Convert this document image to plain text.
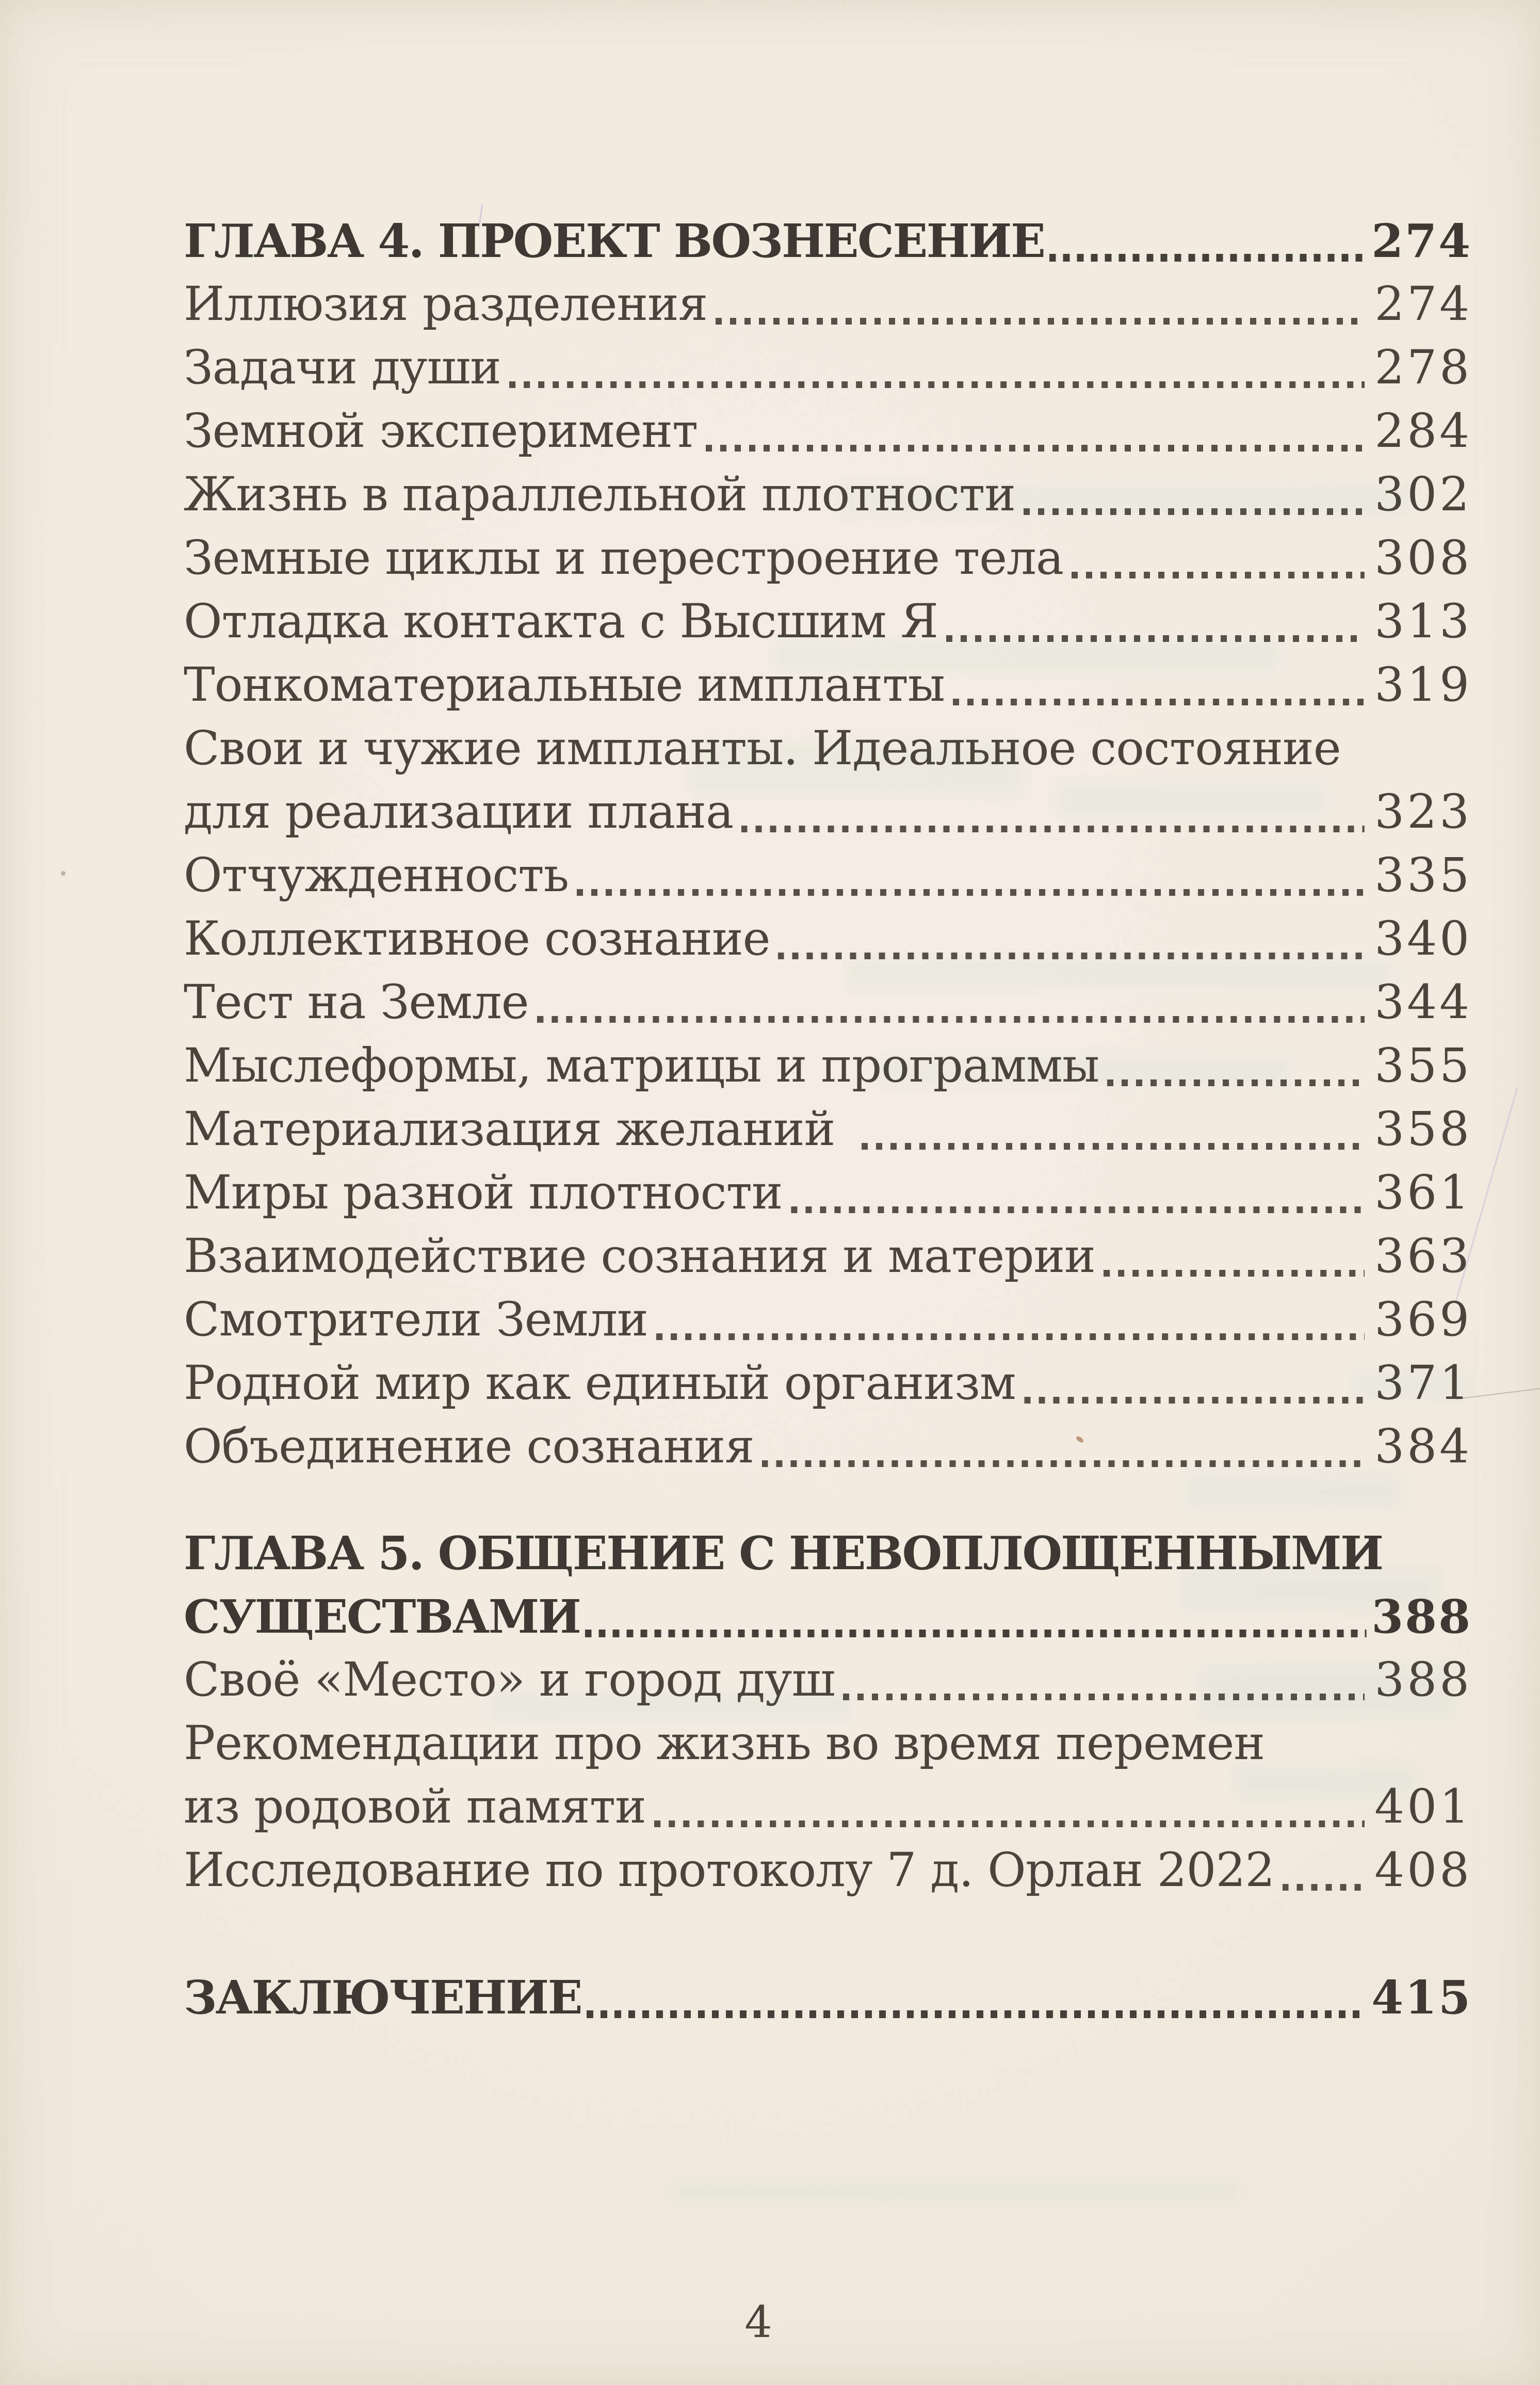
ГЛАВА 4. ПРОЕКТ ВОЗНЕСЕНИЕ	274
Иллюзия разделения	274
Задачи души	278
Земной эксперимент	284
Жизнь в параллельной плотности	302
Земные циклы и перестроение тела	308
Отладка контакта с Высшим Я	313
Тонкоматериальные импланты	319
Свои и чужие импланты. Идеальное состояние
для реализации плана	323
Отчужденность	335
Коллективное сознание	340
Тест на Земле	344
Мыслеформы, матрицы и программы	355
Материализация желаний	358
Миры разной плотности	361
Взаимодействие сознания и материи	363
Смотрители Земли	369
Родной мир как единый организм	371
Объединение сознания	384
ГЛАВА 5. ОБЩЕНИЕ С НЕВОПЛОЩЕННЫМИ
СУЩЕСТВАМИ	388
Своё «Место» и город душ	388
Рекомендации про жизнь во время перемен
из родовой памяти	401
Исследование по протоколу 7 д. Орлан 2022 408
ЗАКЛЮЧЕНИЕ	415
4
